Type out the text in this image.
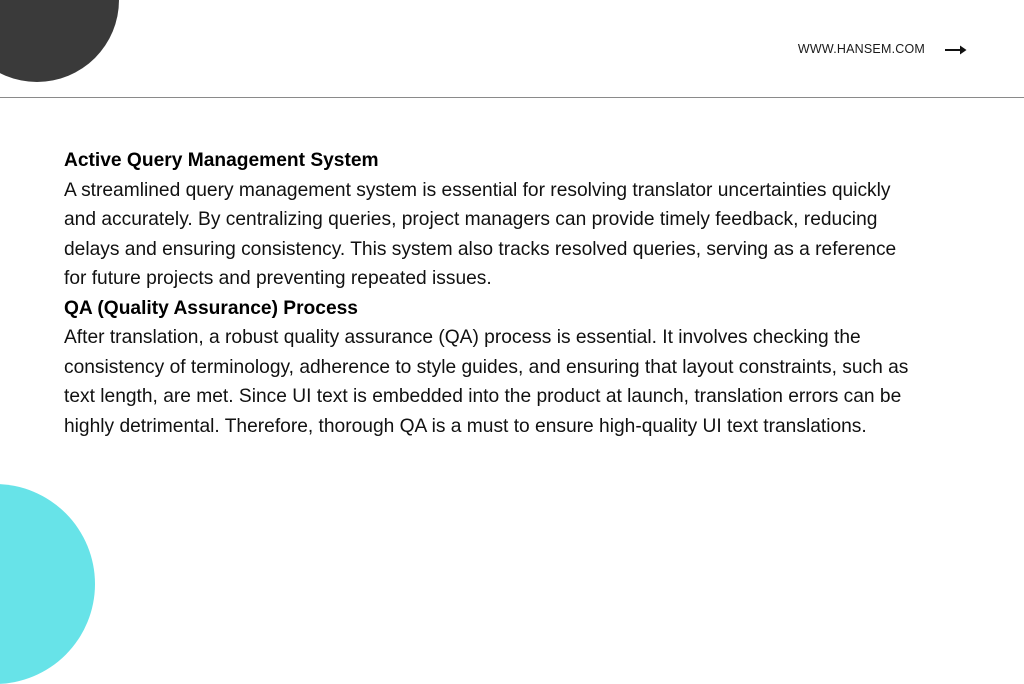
WWW.HANSEM.COM
Active Query Management System

A streamlined query management system is essential for resolving translator uncertainties quickly and accurately. By centralizing queries, project managers can provide timely feedback, reducing delays and ensuring consistency. This system also tracks resolved queries, serving as a reference for future projects and preventing repeated issues.

QA (Quality Assurance) Process

After translation, a robust quality assurance (QA) process is essential. It involves checking the consistency of terminology, adherence to style guides, and ensuring that layout constraints, such as text length, are met. Since UI text is embedded into the product at launch, translation errors can be highly detrimental. Therefore, thorough QA is a must to ensure high-quality UI text translations.
